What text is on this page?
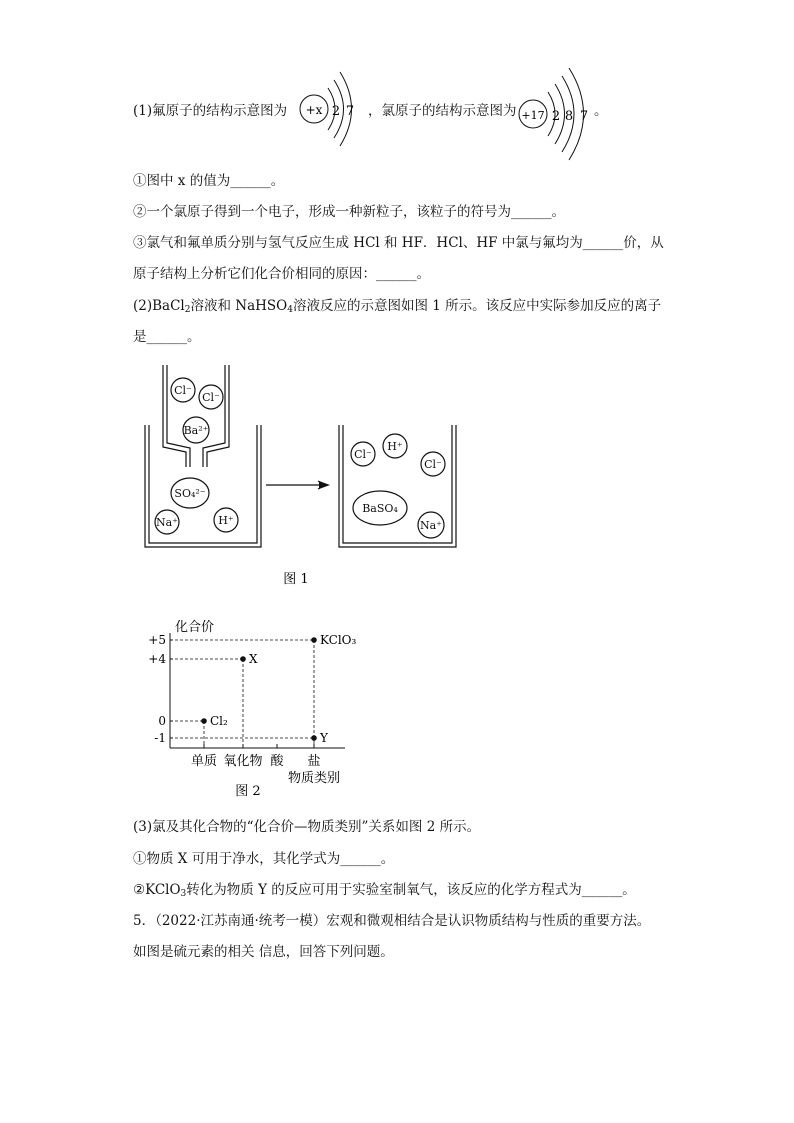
(1)氟原子的结构示意图为	，氯原子的结构示意图为	。
+x 2 7	+17 2 8 7
Cl⁻
Cl⁻
Ba²⁺
SO₄²⁻
Na⁺	H⁺
Cl⁻
H⁺
Cl⁻
BaSO₄
Na⁺
图 1
+5
+4
0
-1
单质 氧化物 酸 盐
Cl₂
X
KClO₃
Y
化合价
物质类别
图 2
①图中 x 的值为______。
②一个氯原子得到一个电子，形成一种新粒子，该粒子的符号为______。
③氯气和氟单质分别与氢气反应生成 HCl 和 HF．HCl、HF 中氯与氟均为______价，从
原子结构上分析它们化合价相同的原因：______。
(2)BaCl$_2$溶液和 NaHSO$_4$溶液反应的示意图如图 1 所示。该反应中实际参加反应的离子
是______。
(3)氯及其化合物的“化合价—物质类别”关系如图 2 所示。
①物质 X 可用于净水，其化学式为______。
②KClO$_3$转化为物质 Y 的反应可用于实验室制氧气，该反应的化学方程式为______。
5．（2022·江苏南通·统考一模）宏观和微观相结合是认识物质结构与性质的重要方法。
如图是硫元素的相关 信息，回答下列问题。
